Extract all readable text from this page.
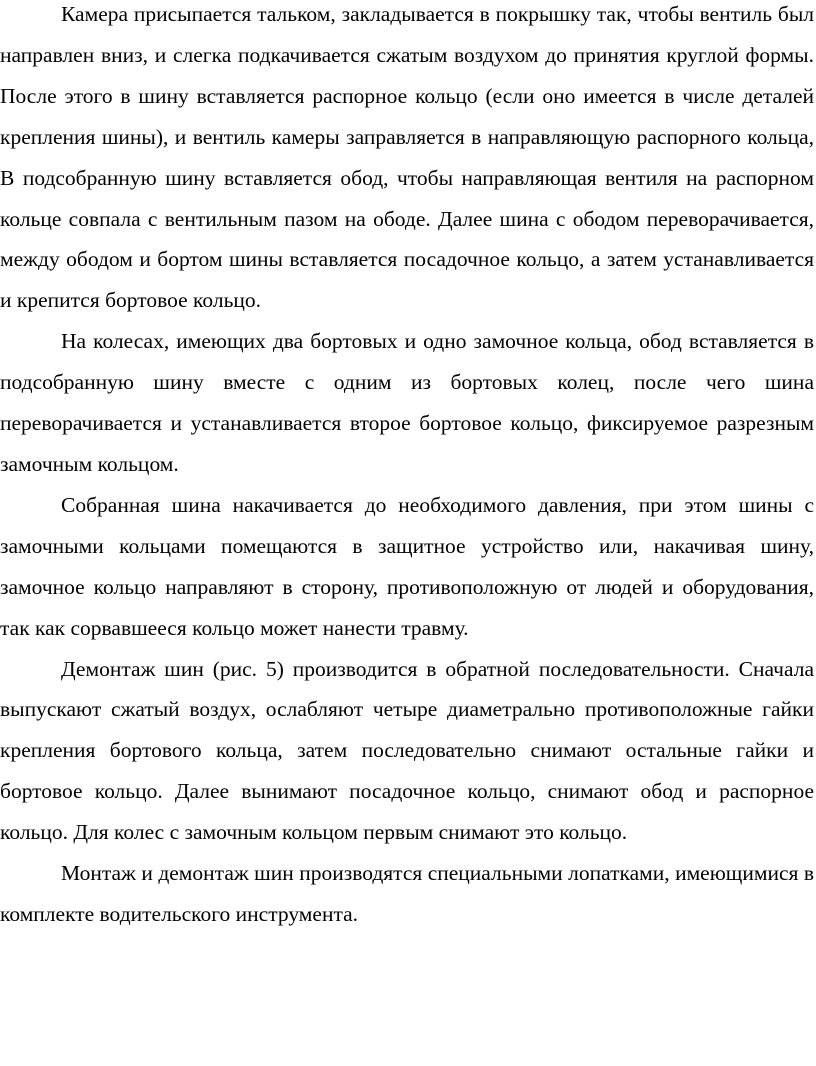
Камера присыпается тальком, закладывается в покрышку так, чтобы вентиль был направлен вниз, и слегка подкачивается сжатым воздухом до принятия круглой формы. После этого в шину вставляется распорное кольцо (если оно имеется в числе деталей крепления шины), и вентиль камеры заправляется в направляющую распорного кольца, В подсобранную шину вставляется обод, чтобы направляющая вентиля на распорном кольце совпала с вентильным пазом на ободе. Далее шина с ободом переворачивается, между ободом и бортом шины вставляется посадочное кольцо, а затем устанавливается и крепится бортовое кольцо.

На колесах, имеющих два бортовых и одно замочное кольца, обод вставляется в подсобранную шину вместе с одним из бортовых колец, после чего шина переворачивается и устанавливается второе бортовое кольцо, фиксируемое разрезным замочным кольцом.

Собранная шина накачивается до необходимого давления, при этом шины с замочными кольцами помещаются в защитное устройство или, накачивая шину, замочное кольцо направляют в сторону, противоположную от людей и оборудования, так как сорвавшееся кольцо может нанести травму.

Демонтаж шин (рис. 5) производится в обратной последовательности. Сначала выпускают сжатый воздух, ослабляют четыре диаметрально противоположные гайки крепления бортового кольца, затем последовательно снимают остальные гайки и бортовое кольцо. Далее вынимают посадочное кольцо, снимают обод и распорное кольцо. Для колес с замочным кольцом первым снимают это кольцо.

Монтаж и демонтаж шин производятся специальными лопатками, имеющимися в комплекте водительского инструмента.
